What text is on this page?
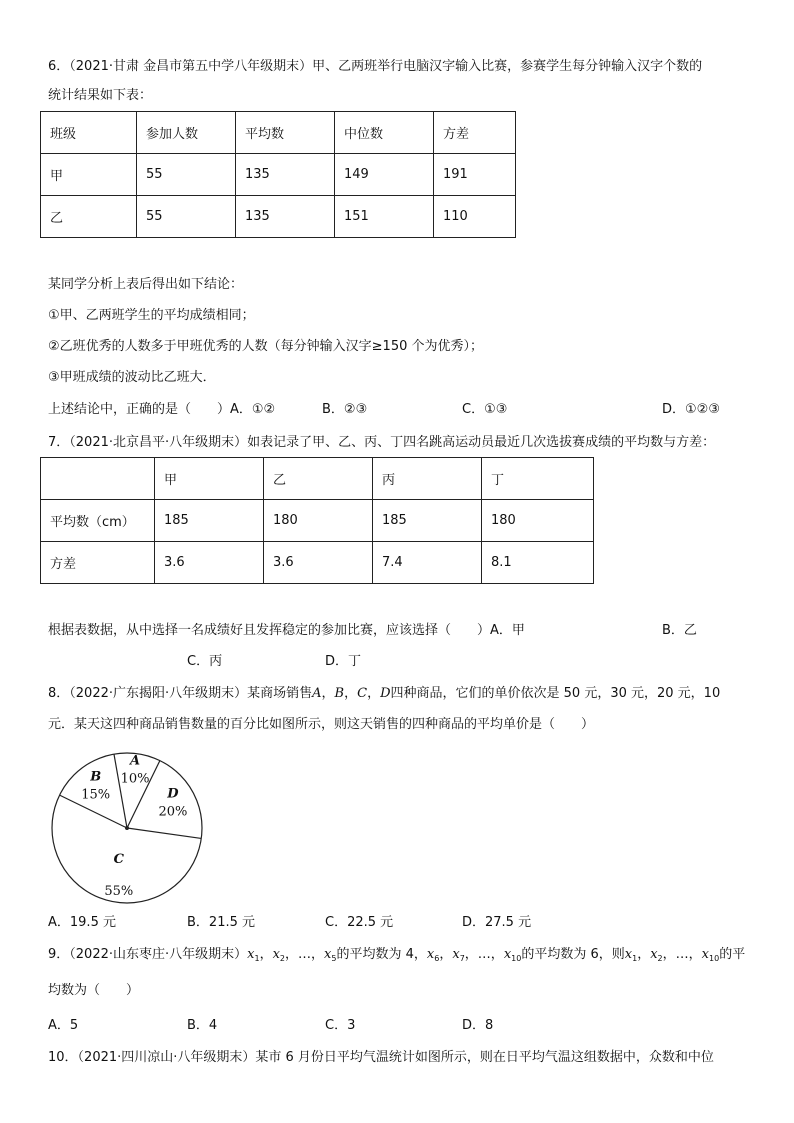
6．（2021·甘肃 金昌市第五中学八年级期末）甲、乙两班举行电脑汉字输入比赛，参赛学生每分钟输入汉字个数的
统计结果如下表：
班级	参加人数	平均数	中位数	方差
甲	55	135	149	191
乙	55	135	151	110
某同学分析上表后得出如下结论：
①甲、乙两班学生的平均成绩相同；
②乙班优秀的人数多于甲班优秀的人数（每分钟输入汉字≥150 个为优秀）；
③甲班成绩的波动比乙班大．
上述结论中，正确的是（　　）A．①②	B．②③	C．①③	D．①②③
7．（2021·北京昌平·八年级期末）如表记录了甲、乙、丙、丁四名跳高运动员最近几次选拔赛成绩的平均数与方差：
	甲	乙	丙	丁
平均数（cm）	185	180	185	180
方差	3.6	3.6	7.4	8.1
根据表数据，从中选择一名成绩好且发挥稳定的参加比赛，应该选择（　　）A．甲	B．乙
C．丙	D．丁
8．（2022·广东揭阳·八年级期末）某商场销售A，B，C，D四种商品，它们的单价依次是 50 元，30 元，20 元，10
元．某天这四种商品销售数量的百分比如图所示，则这天销售的四种商品的平均单价是（　　）
A
10%
D
20%
C
55%
B
15%
A．19.5 元	B．21.5 元	C．22.5 元	D．27.5 元
9．（2022·山东枣庄·八年级期末）$x_1$，$x_2$，…，$x_5$的平均数为 4，$x_6$，$x_7$，…，$x_{10}$的平均数为 6，则$x_1$，$x_2$，…，$x_{10}$的平
均数为（　　）
A．5	B．4	C．3	D．8
10．（2021·四川凉山·八年级期末）某市 6 月份日平均气温统计如图所示，则在日平均气温这组数据中，众数和中位
